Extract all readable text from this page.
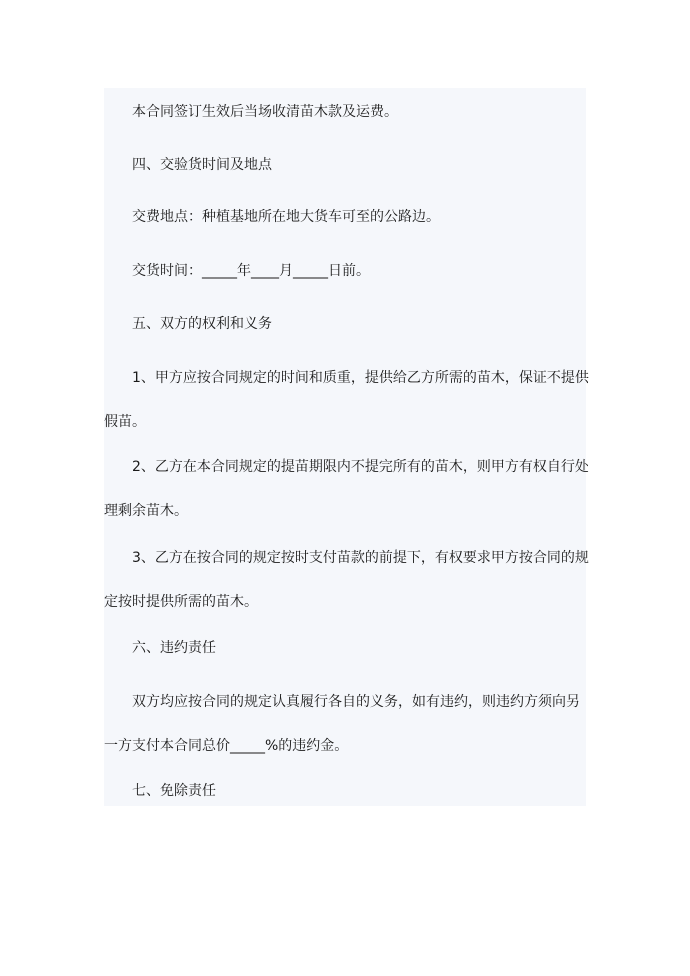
本合同签订生效后当场收清苗木款及运费。
四、交验货时间及地点
交费地点：种植基地所在地大货车可至的公路边。
交货时间：_____年____月_____日前。
五、双方的权利和义务
1、甲方应按合同规定的时间和质重，提供给乙方所需的苗木，保证不提供
假苗。
2、乙方在本合同规定的提苗期限内不提完所有的苗木，则甲方有权自行处
理剩余苗木。
3、乙方在按合同的规定按时支付苗款的前提下，有权要求甲方按合同的规
定按时提供所需的苗木。
六、违约责任
双方均应按合同的规定认真履行各自的义务，如有违约，则违约方须向另
一方支付本合同总价_____%的违约金。
七、免除责任
